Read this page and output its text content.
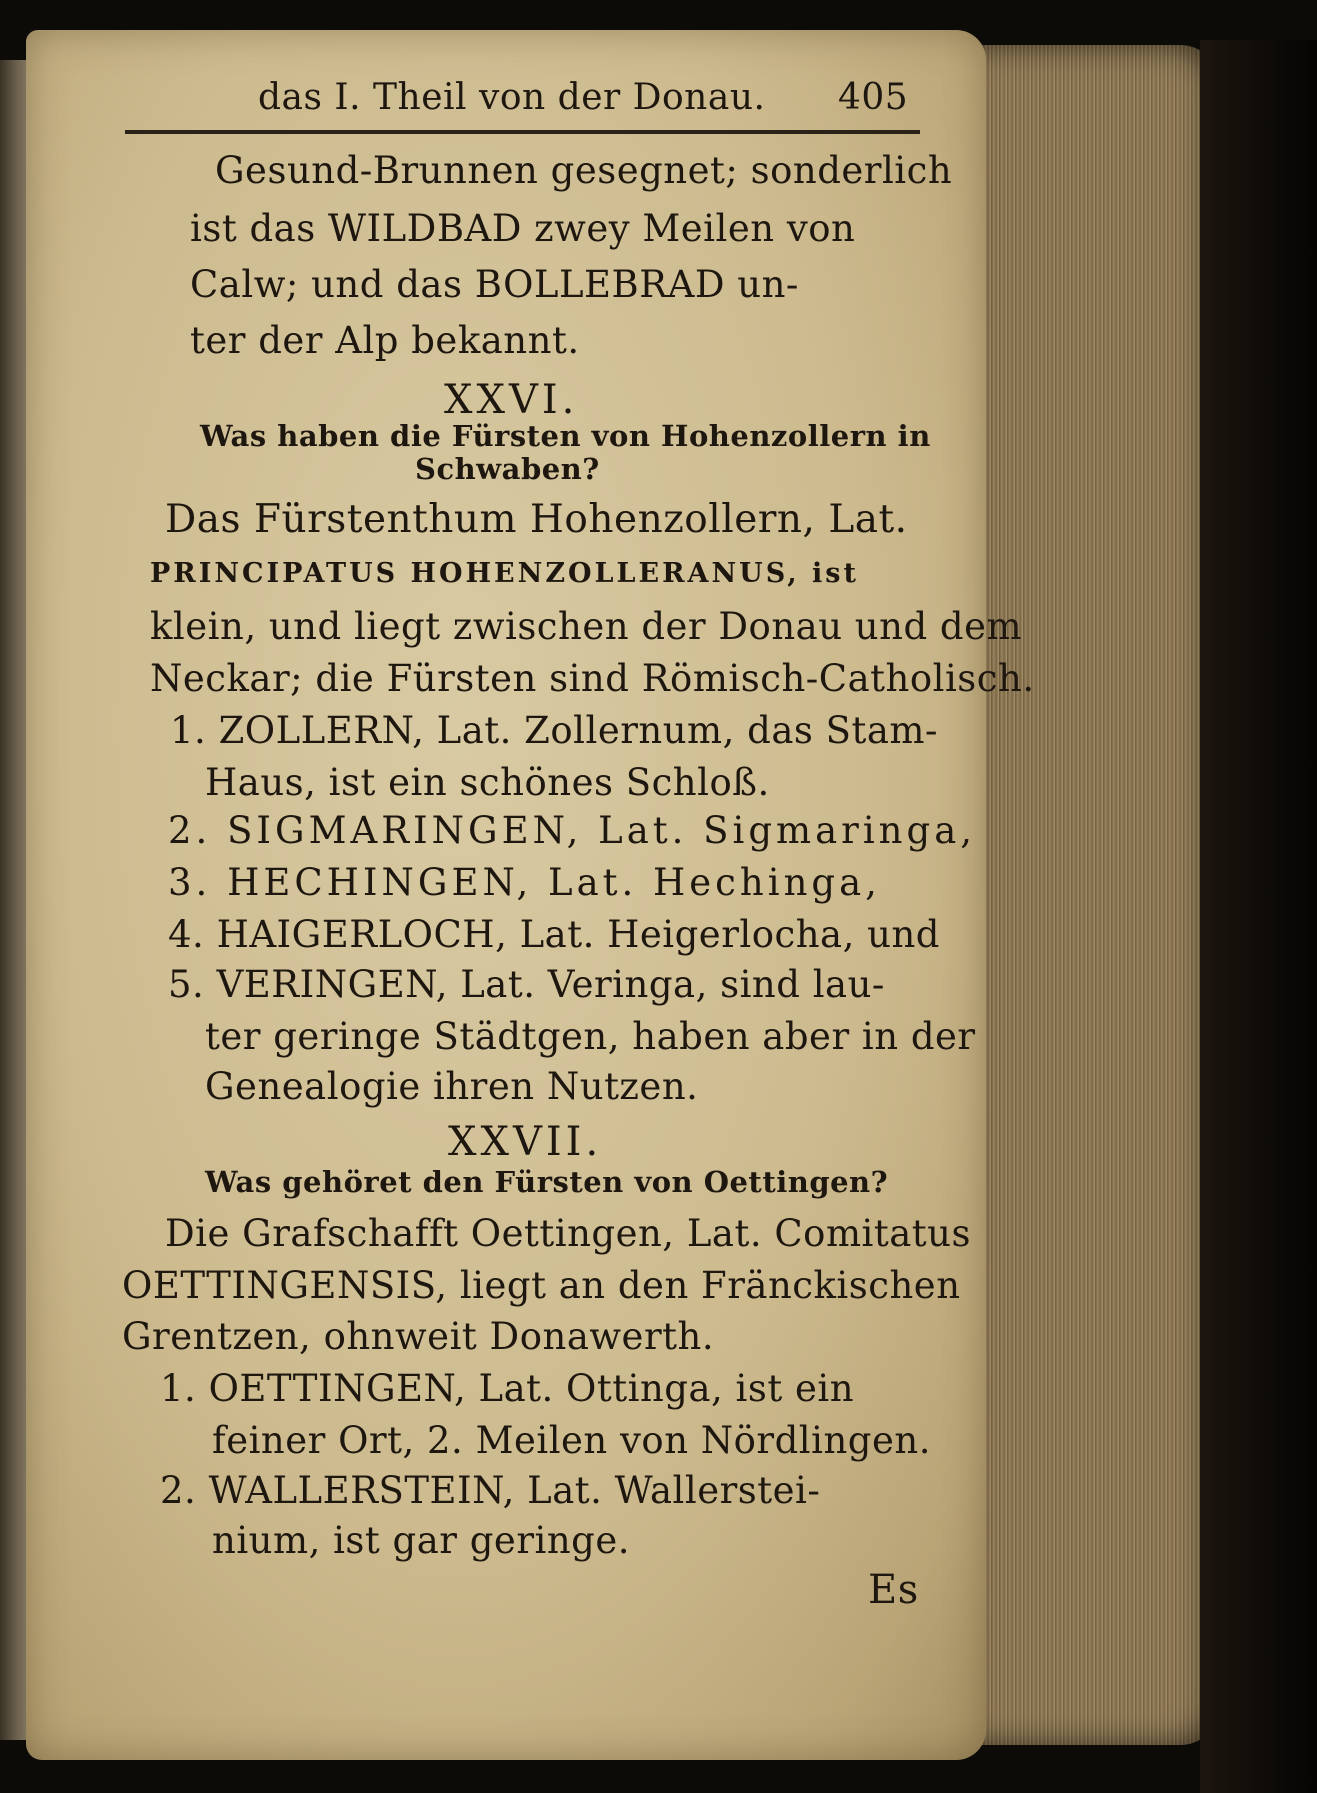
das I. Theil von der Donau. 405
Gesund-Brunnen gesegnet; sonderlich
ist das WILDBAD zwey Meilen von
Calw; und das BOLLEBRAD un-
ter der Alp bekannt.
XXVI.
Was haben die Fürsten von Hohenzollern in
Schwaben?
Das Fürstenthum Hohenzollern, Lat.
PRINCIPATUS HOHENZOLLERANUS, ist
klein, und liegt zwischen der Donau und dem
Neckar; die Fürsten sind Römisch-Catholisch.
1. ZOLLERN, Lat. Zollernum, das Stam-
Haus, ist ein schönes Schloß.
2. SIGMARINGEN, Lat. Sigmaringa,
3. HECHINGEN, Lat. Hechinga,
4. HAIGERLOCH, Lat. Heigerlocha, und
5. VERINGEN, Lat. Veringa, sind lau-
ter geringe Städtgen, haben aber in der
Genealogie ihren Nutzen.
XXVII.
Was gehöret den Fürsten von Oettingen?
Die Grafschafft Oettingen, Lat. Comitatus
OETTINGENSIS, liegt an den Fränckischen
Grentzen, ohnweit Donawerth.
1. OETTINGEN, Lat. Ottinga, ist ein
feiner Ort, 2. Meilen von Nördlingen.
2. WALLERSTEIN, Lat. Wallerstei-
nium, ist gar geringe.
Es
